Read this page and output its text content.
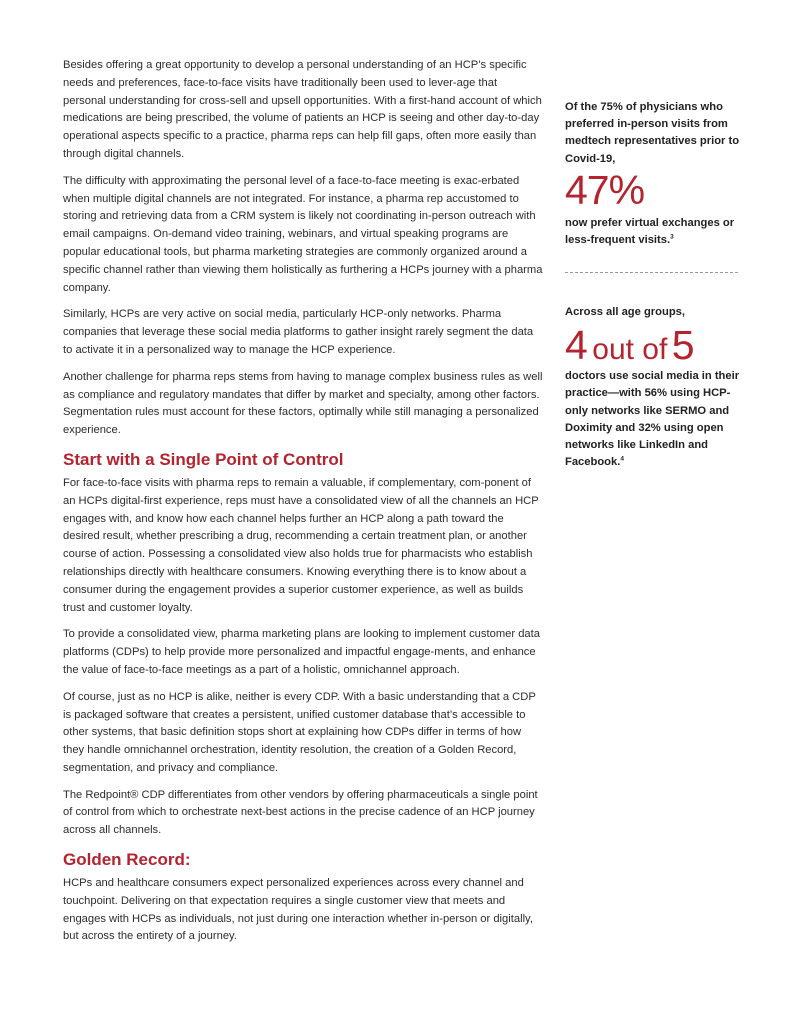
Besides offering a great opportunity to develop a personal understanding of an HCP’s specific needs and preferences, face-to-face visits have traditionally been used to lever-age that personal understanding for cross-sell and upsell opportunities. With a first-hand account of which medications are being prescribed, the volume of patients an HCP is seeing and other day-to-day operational aspects specific to a practice, pharma reps can help fill gaps, often more easily than through digital channels.

The difficulty with approximating the personal level of a face-to-face meeting is exac-erbated when multiple digital channels are not integrated. For instance, a pharma rep accustomed to storing and retrieving data from a CRM system is likely not coordinating in-person outreach with email campaigns. On-demand video training, webinars, and virtual speaking programs are popular educational tools, but pharma marketing strategies are commonly organized around a specific channel rather than viewing them holistically as furthering a HCPs journey with a pharma company.

Similarly, HCPs are very active on social media, particularly HCP-only networks. Pharma companies that leverage these social media platforms to gather insight rarely segment the data to activate it in a personalized way to manage the HCP experience.

Another challenge for pharma reps stems from having to manage complex business rules as well as compliance and regulatory mandates that differ by market and specialty, among other factors. Segmentation rules must account for these factors, optimally while still managing a personalized experience.

Start with a Single Point of Control

For face-to-face visits with pharma reps to remain a valuable, if complementary, com-ponent of an HCPs digital-first experience, reps must have a consolidated view of all the channels an HCP engages with, and know how each channel helps further an HCP along a path toward the desired result, whether prescribing a drug, recommending a certain treatment plan, or another course of action. Possessing a consolidated view also holds true for pharmacists who establish relationships directly with healthcare consumers. Knowing everything there is to know about a consumer during the engagement provides a superior customer experience, as well as builds trust and customer loyalty.

To provide a consolidated view, pharma marketing plans are looking to implement customer data platforms (CDPs) to help provide more personalized and impactful engage-ments, and enhance the value of face-to-face meetings as a part of a holistic, omnichannel approach.

Of course, just as no HCP is alike, neither is every CDP. With a basic understanding that a CDP is packaged software that creates a persistent, unified customer database that’s accessible to other systems, that basic definition stops short at explaining how CDPs differ in terms of how they handle omnichannel orchestration, identity resolution, the creation of a Golden Record, segmentation, and privacy and compliance.

The Redpoint® CDP differentiates from other vendors by offering pharmaceuticals a single point of control from which to orchestrate next-best actions in the precise cadence of an HCP journey across all channels.

Golden Record:

HCPs and healthcare consumers expect personalized experiences across every channel and touchpoint. Delivering on that expectation requires a single customer view that meets and engages with HCPs as individuals, not just during one interaction whether in-person or digitally, but across the entirety of a journey.

Of the 75% of physicians who preferred in-person visits from medtech representatives prior to Covid-19,

47%

now prefer virtual exchanges or less-frequent visits.$^3$

Across all age groups,

4 out of 5

doctors use social media in their practice—with 56% using HCP-only networks like SERMO and Doximity and 32% using open networks like LinkedIn and Facebook.$^4$
